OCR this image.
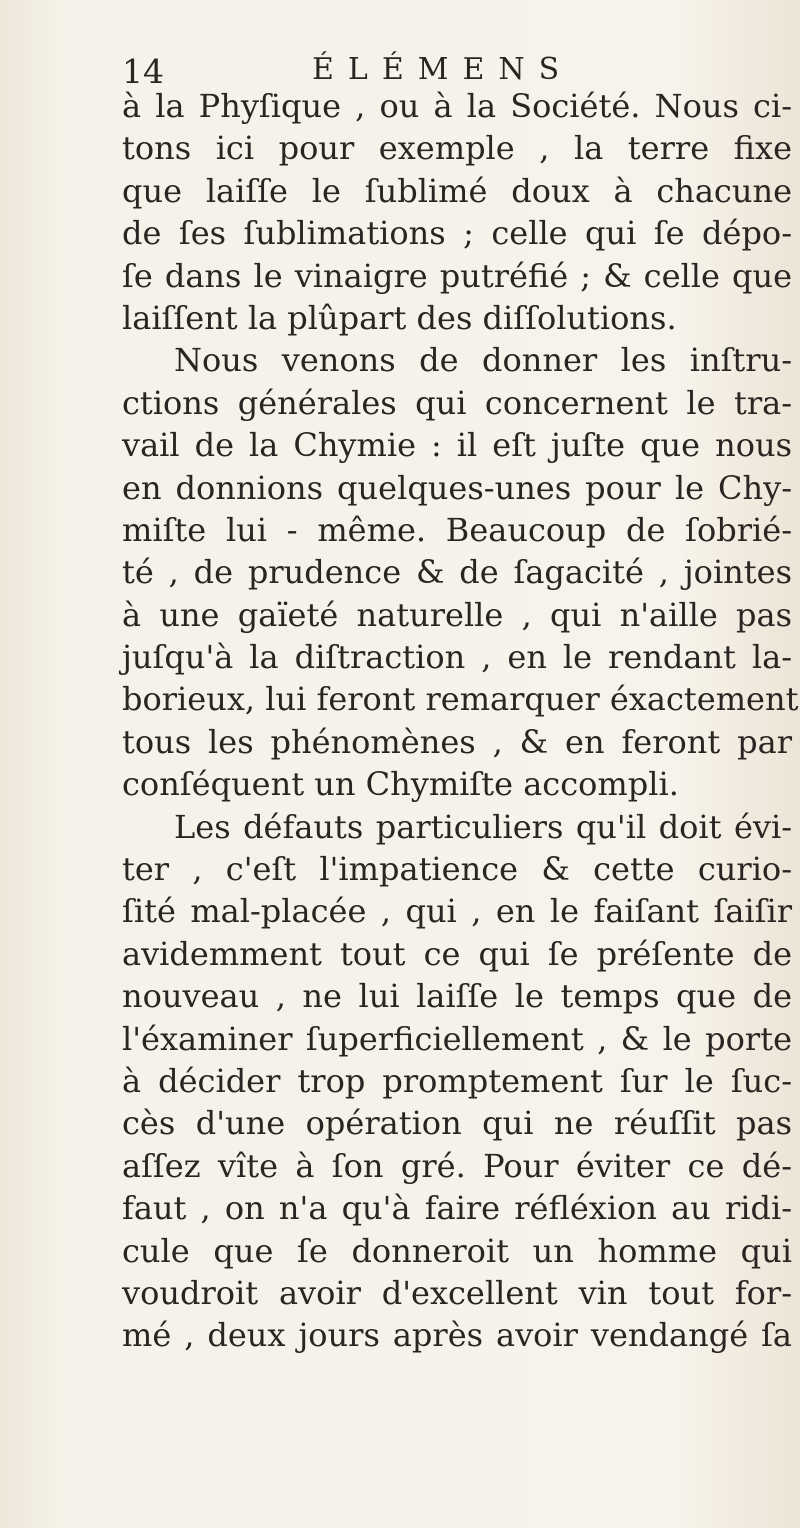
14	ÉLÉMENS
à la Phyſique , ou à la Société. Nous ci-
tons ici pour exemple , la terre fixe
que laiſſe le ſublimé doux à chacune
de ſes ſublimations ; celle qui ſe dépo-
ſe dans le vinaigre putréfié ; & celle que
laiſſent la plûpart des diſſolutions.
Nous venons de donner les inſtru-
ctions générales qui concernent le tra-
vail de la Chymie : il eſt juſte que nous
en donnions quelques-unes pour le Chy-
miſte lui - même. Beaucoup de ſobrié-
té , de prudence & de ſagacité , jointes
à une gaïeté naturelle , qui n'aille pas
juſqu'à la diſtraction , en le rendant la-
borieux, lui feront remarquer éxactement
tous les phénomènes , & en feront par
conſéquent un Chymiſte accompli.
Les défauts particuliers qu'il doit évi-
ter , c'eſt l'impatience & cette curio-
ſité mal-placée , qui , en le faiſant ſaiſir
avidemment tout ce qui ſe préſente de
nouveau , ne lui laiſſe le temps que de
l'éxaminer ſuperficiellement , & le porte
à décider trop promptement ſur le ſuc-
cès d'une opération qui ne réuſſit pas
aſſez vîte à ſon gré. Pour éviter ce dé-
faut , on n'a qu'à faire réfléxion au ridi-
cule que ſe donneroit un homme qui
voudroit avoir d'excellent vin tout for-
mé , deux jours après avoir vendangé ſa
